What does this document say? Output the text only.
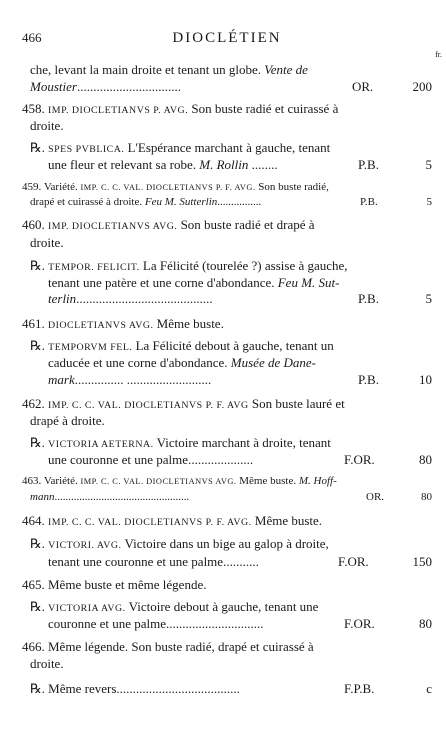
466	DIOCLÉTIEN
fr.
che, levant la main droite et tenant un globe. Vente de
Moustier................................	OR.	200
458. IMP. DIOCLETIANVS P. AVG. Son buste radié et cuirassé à
droite.
℞. SPES PVBLICA. L'Espérance marchant à gauche, tenant
une fleur et relevant sa robe. M. Rollin ........	P.B.	5
459. Variété. IMP. C. C. VAL. DIOCLETIANVS P. F. AVG. Son buste radié,
drapé et cuirassé à droite. Feu M. Sutterlin................	P.B.	5
460. IMP. DIOCLETIANVS AVG. Son buste radié et drapé à
droite.
℞. TEMPOR. FELICIT. La Félicité (tourelée ?) assise à gauche,
tenant une patère et une corne d'abondance. Feu M. Sut-
terlin..........................................	P.B.	5
461. DIOCLETIANVS AVG. Même buste.
℞. TEMPORVM FEL. La Félicité debout à gauche, tenant un
caducée et une corne d'abondance. Musée de Dane-
mark............... ..........................	P.B.	10
462. IMP. C. C. VAL. DIOCLETIANVS P. F. AVG Son buste lauré et
drapé à droite.
℞. VICTORIA AETERNA. Victoire marchant à droite, tenant
une couronne et une palme....................	F.OR.	80
463. Variété. IMP. C. C. VAL. DIOCLETIANVS AVG. Même buste. M. Hoff-
mann.................................................	OR.	80
464. IMP. C. C. VAL. DIOCLETIANVS P. F. AVG. Même buste.
℞. VICTORI. AVG. Victoire dans un bige au galop à droite,
tenant une couronne et une palme...........	F.OR.	150
465. Même buste et même légende.
℞. VICTORIA AVG. Victoire debout à gauche, tenant une
couronne et une palme..............................	F.OR.	80
466. Même légende. Son buste radié, drapé et cuirassé à
droite.
℞. Même revers......................................	F.P.B.	c
